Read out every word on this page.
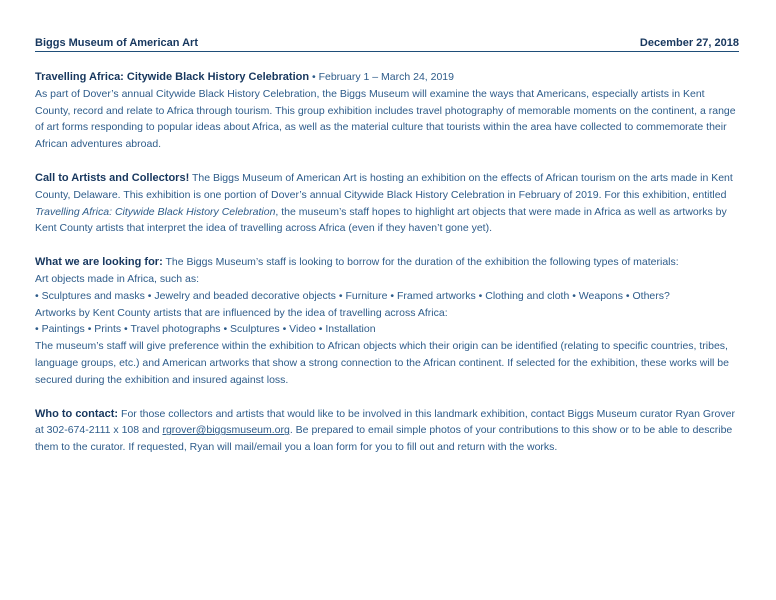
Biggs Museum of American Art	December 27, 2018

Travelling Africa: Citywide Black History Celebration • February 1 – March 24, 2019

As part of Dover’s annual Citywide Black History Celebration, the Biggs Museum will examine the ways that Americans, especially artists in Kent County, record and relate to Africa through tourism. This group exhibition includes travel photography of memorable moments on the continent, a range of art forms responding to popular ideas about Africa, as well as the material culture that tourists within the area have collected to commemorate their African adventures abroad.

Call to Artists and Collectors! The Biggs Museum of American Art is hosting an exhibition on the effects of African tourism on the arts made in Kent County, Delaware. This exhibition is one portion of Dover’s annual Citywide Black History Celebration in February of 2019. For this exhibition, entitled Travelling Africa: Citywide Black History Celebration, the museum’s staff hopes to highlight art objects that were made in Africa as well as artworks by Kent County artists that interpret the idea of travelling across Africa (even if they haven’t gone yet).

What we are looking for: The Biggs Museum’s staff is looking to borrow for the duration of the exhibition the following types of materials:

Art objects made in Africa, such as:

• Sculptures and masks • Jewelry and beaded decorative objects • Furniture • Framed artworks • Clothing and cloth • Weapons • Others?

Artworks by Kent County artists that are influenced by the idea of travelling across Africa:

• Paintings • Prints • Travel photographs • Sculptures • Video • Installation

The museum’s staff will give preference within the exhibition to African objects which their origin can be identified (relating to specific countries, tribes, language groups, etc.) and American artworks that show a strong connection to the African continent. If selected for the exhibition, these works will be secured during the exhibition and insured against loss.

Who to contact: For those collectors and artists that would like to be involved in this landmark exhibition, contact Biggs Museum curator Ryan Grover at 302-674-2111 x 108 and rgrover@biggsmuseum.org. Be prepared to email simple photos of your contributions to this show or to be able to describe them to the curator. If requested, Ryan will mail/email you a loan form for you to fill out and return with the works.
